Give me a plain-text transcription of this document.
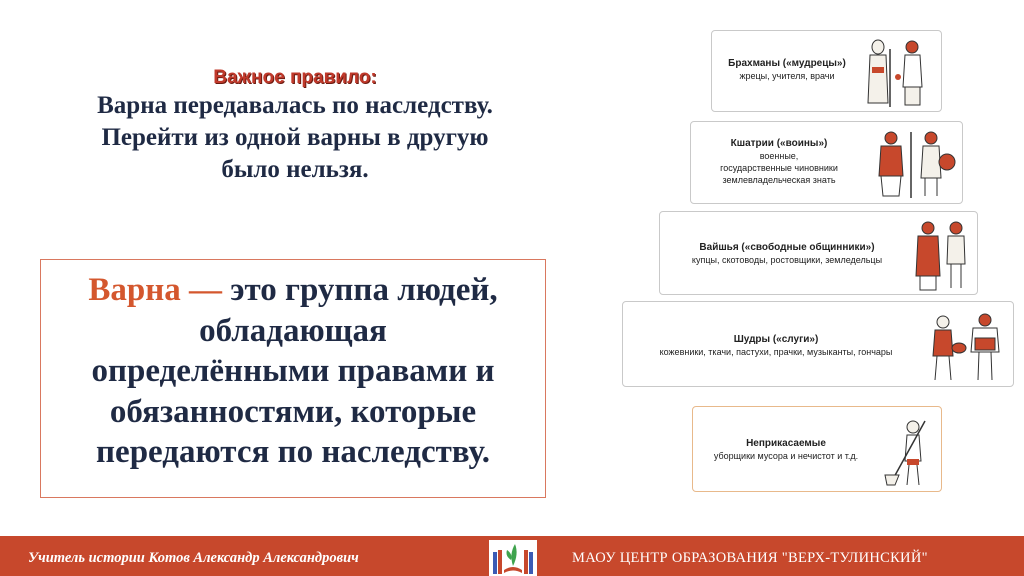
Важное правило:
Варна передавалась по наследству.
Перейти из одной варны в другую
было нельзя.
Варна — это группа людей,
обладающая
определёнными правами и
обязанностями, которые
передаются по наследству.
Брахманы («мудрецы»)
жрецы, учителя, врачи
Кшатрии («воины»)
военные,
государственные чиновники
землевладельческая знать
Вайшья («свободные общинники»)
купцы, скотоводы, ростовщики, земледельцы
Шудры («слуги»)
кожевники, ткачи, пастухи, прачки, музыканты, гончары
Неприкасаемые
уборщики мусора и нечистот и т.д.
Учитель истории Котов Александр Александрович	МАОУ ЦЕНТР ОБРАЗОВАНИЯ "ВЕРХ-ТУЛИНСКИЙ"
